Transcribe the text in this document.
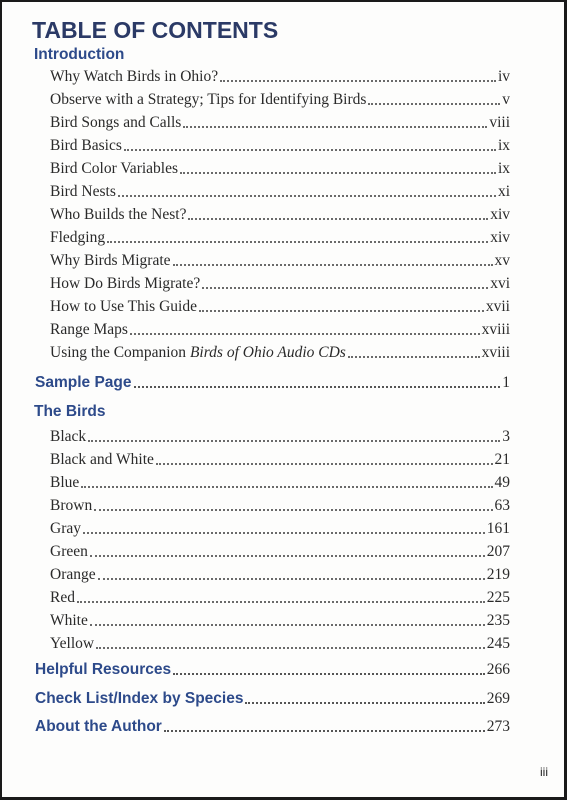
TABLE OF CONTENTS
Introduction
Why Watch Birds in Ohio?	iv
Observe with a Strategy; Tips for Identifying Birds	v
Bird Songs and Calls	viii
Bird Basics	ix
Bird Color Variables	ix
Bird Nests	xi
Who Builds the Nest?	xiv
Fledging	xiv
Why Birds Migrate	xv
How Do Birds Migrate?	xvi
How to Use This Guide	xvii
Range Maps	xviii
Using the Companion Birds of Ohio Audio CDs	xviii
Sample Page	1
The Birds
Black	3
Black and White	21
Blue	49
Brown	63
Gray	161
Green	207
Orange	219
Red	225
White	235
Yellow	245
Helpful Resources	266
Check List/Index by Species	269
About the Author	273
iii
